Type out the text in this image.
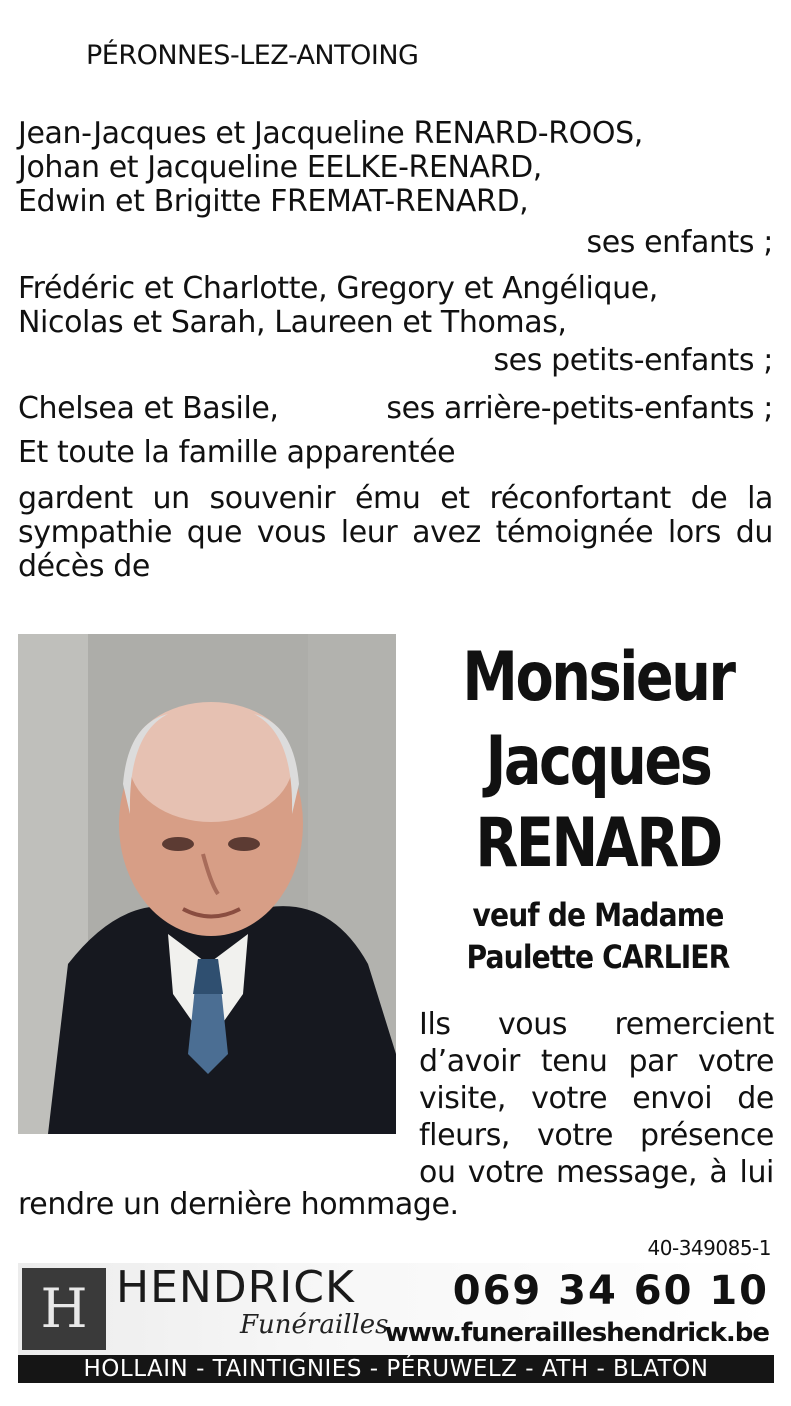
PÉRONNES-LEZ-ANTOING
Jean-Jacques et Jacqueline RENARD-ROOS,
Johan et Jacqueline EELKE-RENARD,
Edwin et Brigitte FREMAT-RENARD,
ses enfants ;
Frédéric et Charlotte, Gregory et Angélique,
Nicolas et Sarah, Laureen et Thomas,
ses petits-enfants ;
Chelsea et Basile,	ses arrière-petits-enfants ;
Et toute la famille apparentée
gardent un souvenir ému et réconfortant de la sympathie que vous leur avez témoignée lors du décès de
Monsieur
Jacques
RENARD
veuf de Madame
Paulette CARLIER

Ils vous remercient

d’avoir tenu par votre

visite, votre envoi de

fleurs, votre présence

ou votre message, à lui

rendre un dernière hommage.
40-349085-1
H HENDRICK
Funérailles
069 34 60 10
www.funerailleshendrick.be
HOLLAIN - TAINTIGNIES - PÉRUWELZ - ATH - BLATON
